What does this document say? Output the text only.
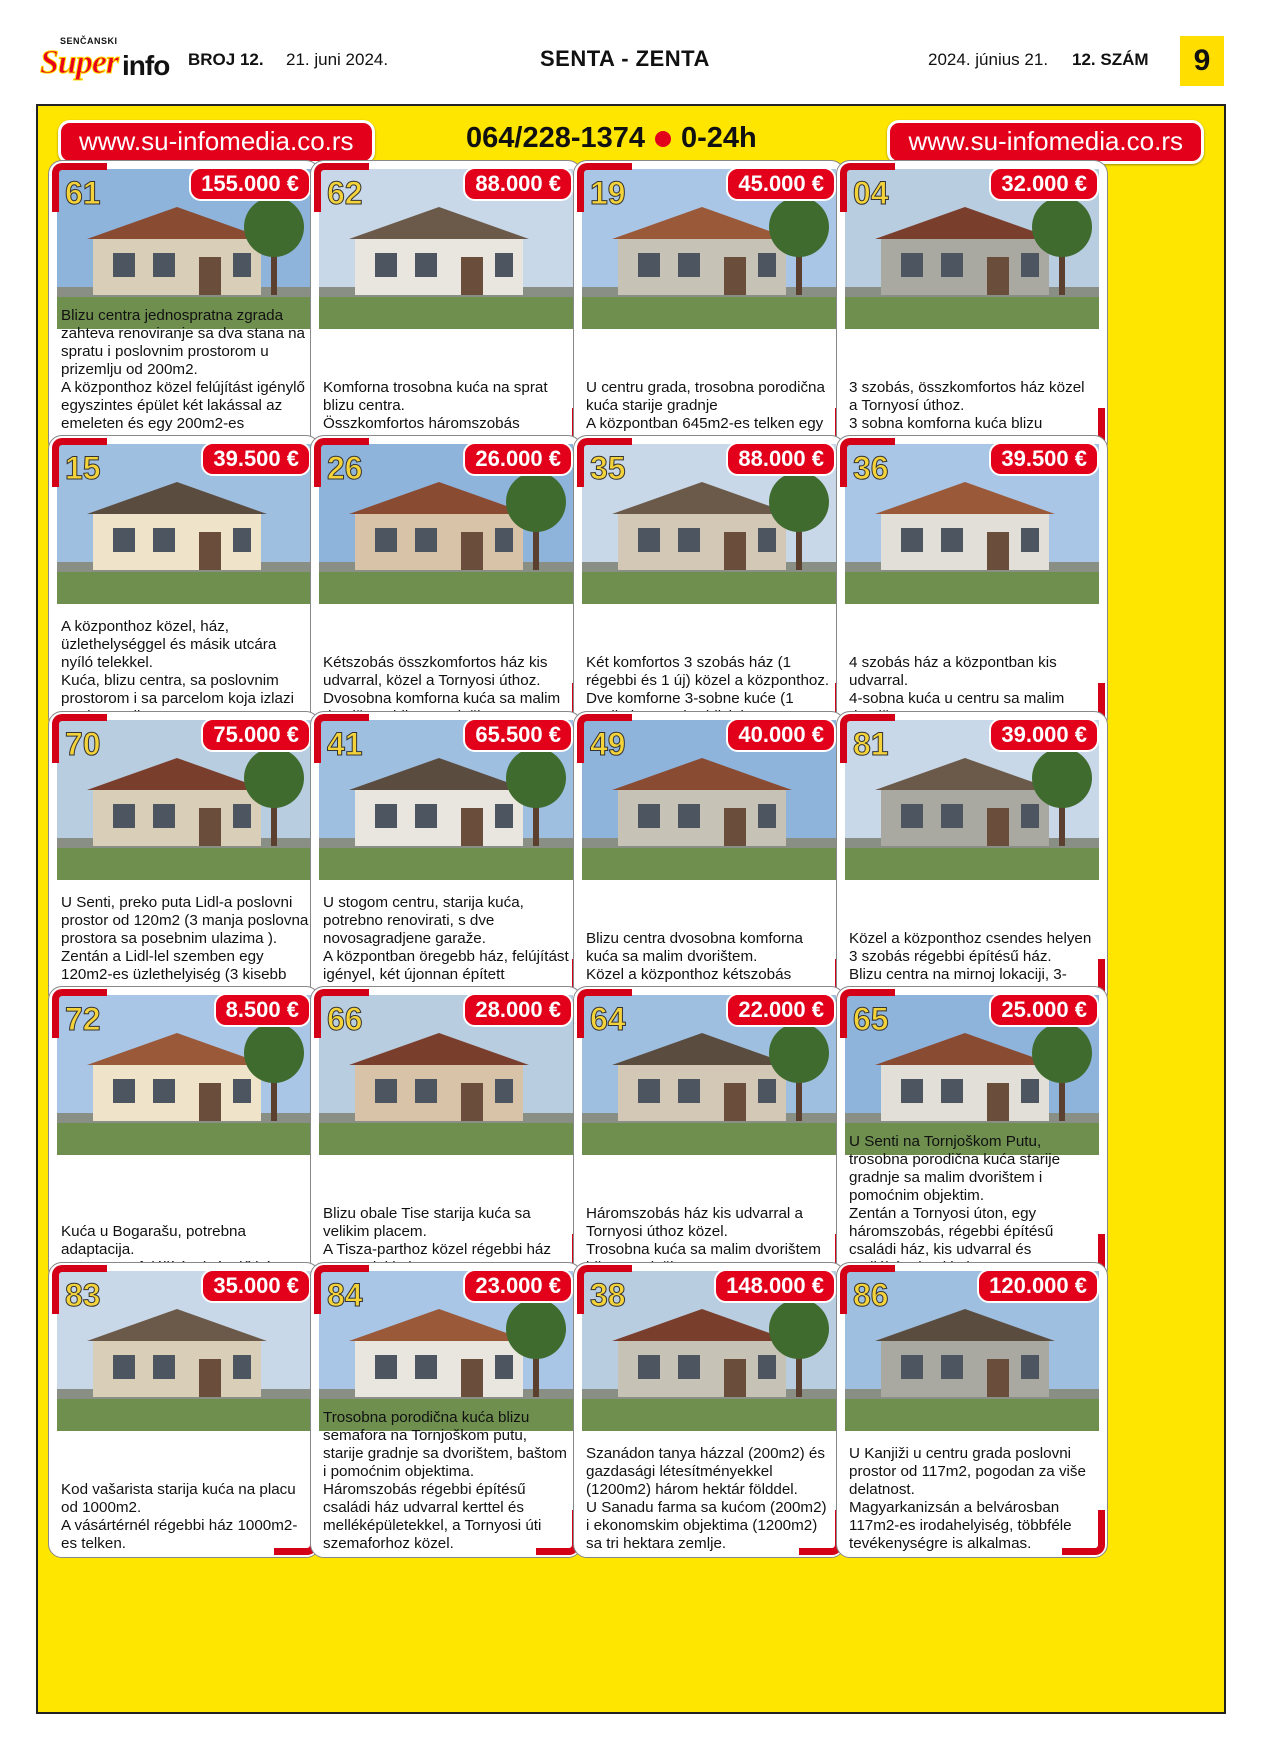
SENČANSKI
Super info BROJ 12. 21. juni 2024.	SENTA - ZENTA	2024. június 21. 12. SZÁM	9
www.su-infomedia.co.rs	064/228-1374 0-24h	www.su-infomedia.co.rs
61	155.000 €
Blizu centra jednospratna zgrada zahteva renoviranje sa dva stana na spratu i poslovnim prostorom u prizemlju od 200m2.
A központhoz közel felújítást igénylő egyszintes épület két lakással az emeleten és egy 200m2-es
62	88.000 €
Komforna trosobna kuća na sprat blizu centra.
Összkomfortos háromszobás
19	45.000 €
U centru grada, trosobna porodična kuća starije gradnje
A központban 645m2-es telken egy
04	32.000 €
3 szobás, összkomfortos ház közel a Tornyosí úthoz.
3 sobna komforna kuća blizu
15	39.500 €
A központhoz közel, ház, üzlethelységgel és másik utcára nyíló telekkel.
Kuća, blizu centra, sa poslovnim prostorom i sa parcelom koja izlazi
26	26.000 €
Kétszobás összkomfortos ház kis udvarral, közel a Tornyosi úthoz.
Dvosobna komforna kuća sa malim
35	88.000 €
Két komfortos 3 szobás ház (1 régebbi és 1 új) közel a központhoz.
Dve komforne 3-sobne kuće (1
36	39.500 €
4 szobás ház a központban kis udvarral.
4-sobna kuća u centru sa malim
70	75.000 €
U Senti, preko puta Lidl-a poslovni prostor od 120m2 (3 manja poslovna prostora sa posebnim ulazima ).
Zentán a Lidl-lel szemben egy 120m2-es üzlethelyiség (3 kisebb
41	65.500 €
U stogom centru, starija kuća, potrebno renovirati, s dve novosagradjene garaže.
A központban öregebb ház, felújítást igényel, két újonnan épített
49	40.000 €
Blizu centra dvosobna komforna kuća sa malim dvorištem.
Közel a központhoz kétszobás
81	39.000 €
Közel a központhoz csendes helyen 3 szobás régebbi építésű ház.
Blizu centra na mirnoj lokaciji, 3-
72	8.500 €
Kuća u Bogarašu, potrebna adaptacija.
66	28.000 €
Blizu obale Tise starija kuća sa velikim placem.
A Tisza-parthoz közel régebbi ház
64	22.000 €
Háromszobás ház kis udvarral a Tornyosi úthoz közel.
Trosobna kuća sa malim dvorištem
65	25.000 €
U Senti na Tornjoškom Putu, trosobna porodična kuća starije gradnje sa malim dvorištem i pomoćnim objektim.
Zentán a Tornyosi úton, egy háromszobás, régebbi építésű családi ház, kis udvarral és
83	35.000 €
Kod vašarista starija kuća na placu od 1000m2.
A vásártérnél régebbi ház 1000m2-es telken.
84	23.000 €
Trosobna porodična kuća blizu semafora na Tornjoškom putu, starije gradnje sa dvorištem, baštom i pomoćnim objektima.
Háromszobás régebbi építésű családi ház udvarral kerttel és melléképületekkel, a Tornyosi úti szemaforhoz közel.
38	148.000 €
Szanádon tanya házzal (200m2) és gazdasági létesítményekkel (1200m2) három hektár földdel.
U Sanadu farma sa kućom (200m2) i ekonomskim objektima (1200m2) sa tri hektara zemlje.
86	120.000 €
U Kanjiži u centru grada poslovni prostor od 117m2, pogodan za više delatnost.
Magyarkanizsán a belvárosban 117m2-es irodahelyiség, többféle tevékenységre is alkalmas.
